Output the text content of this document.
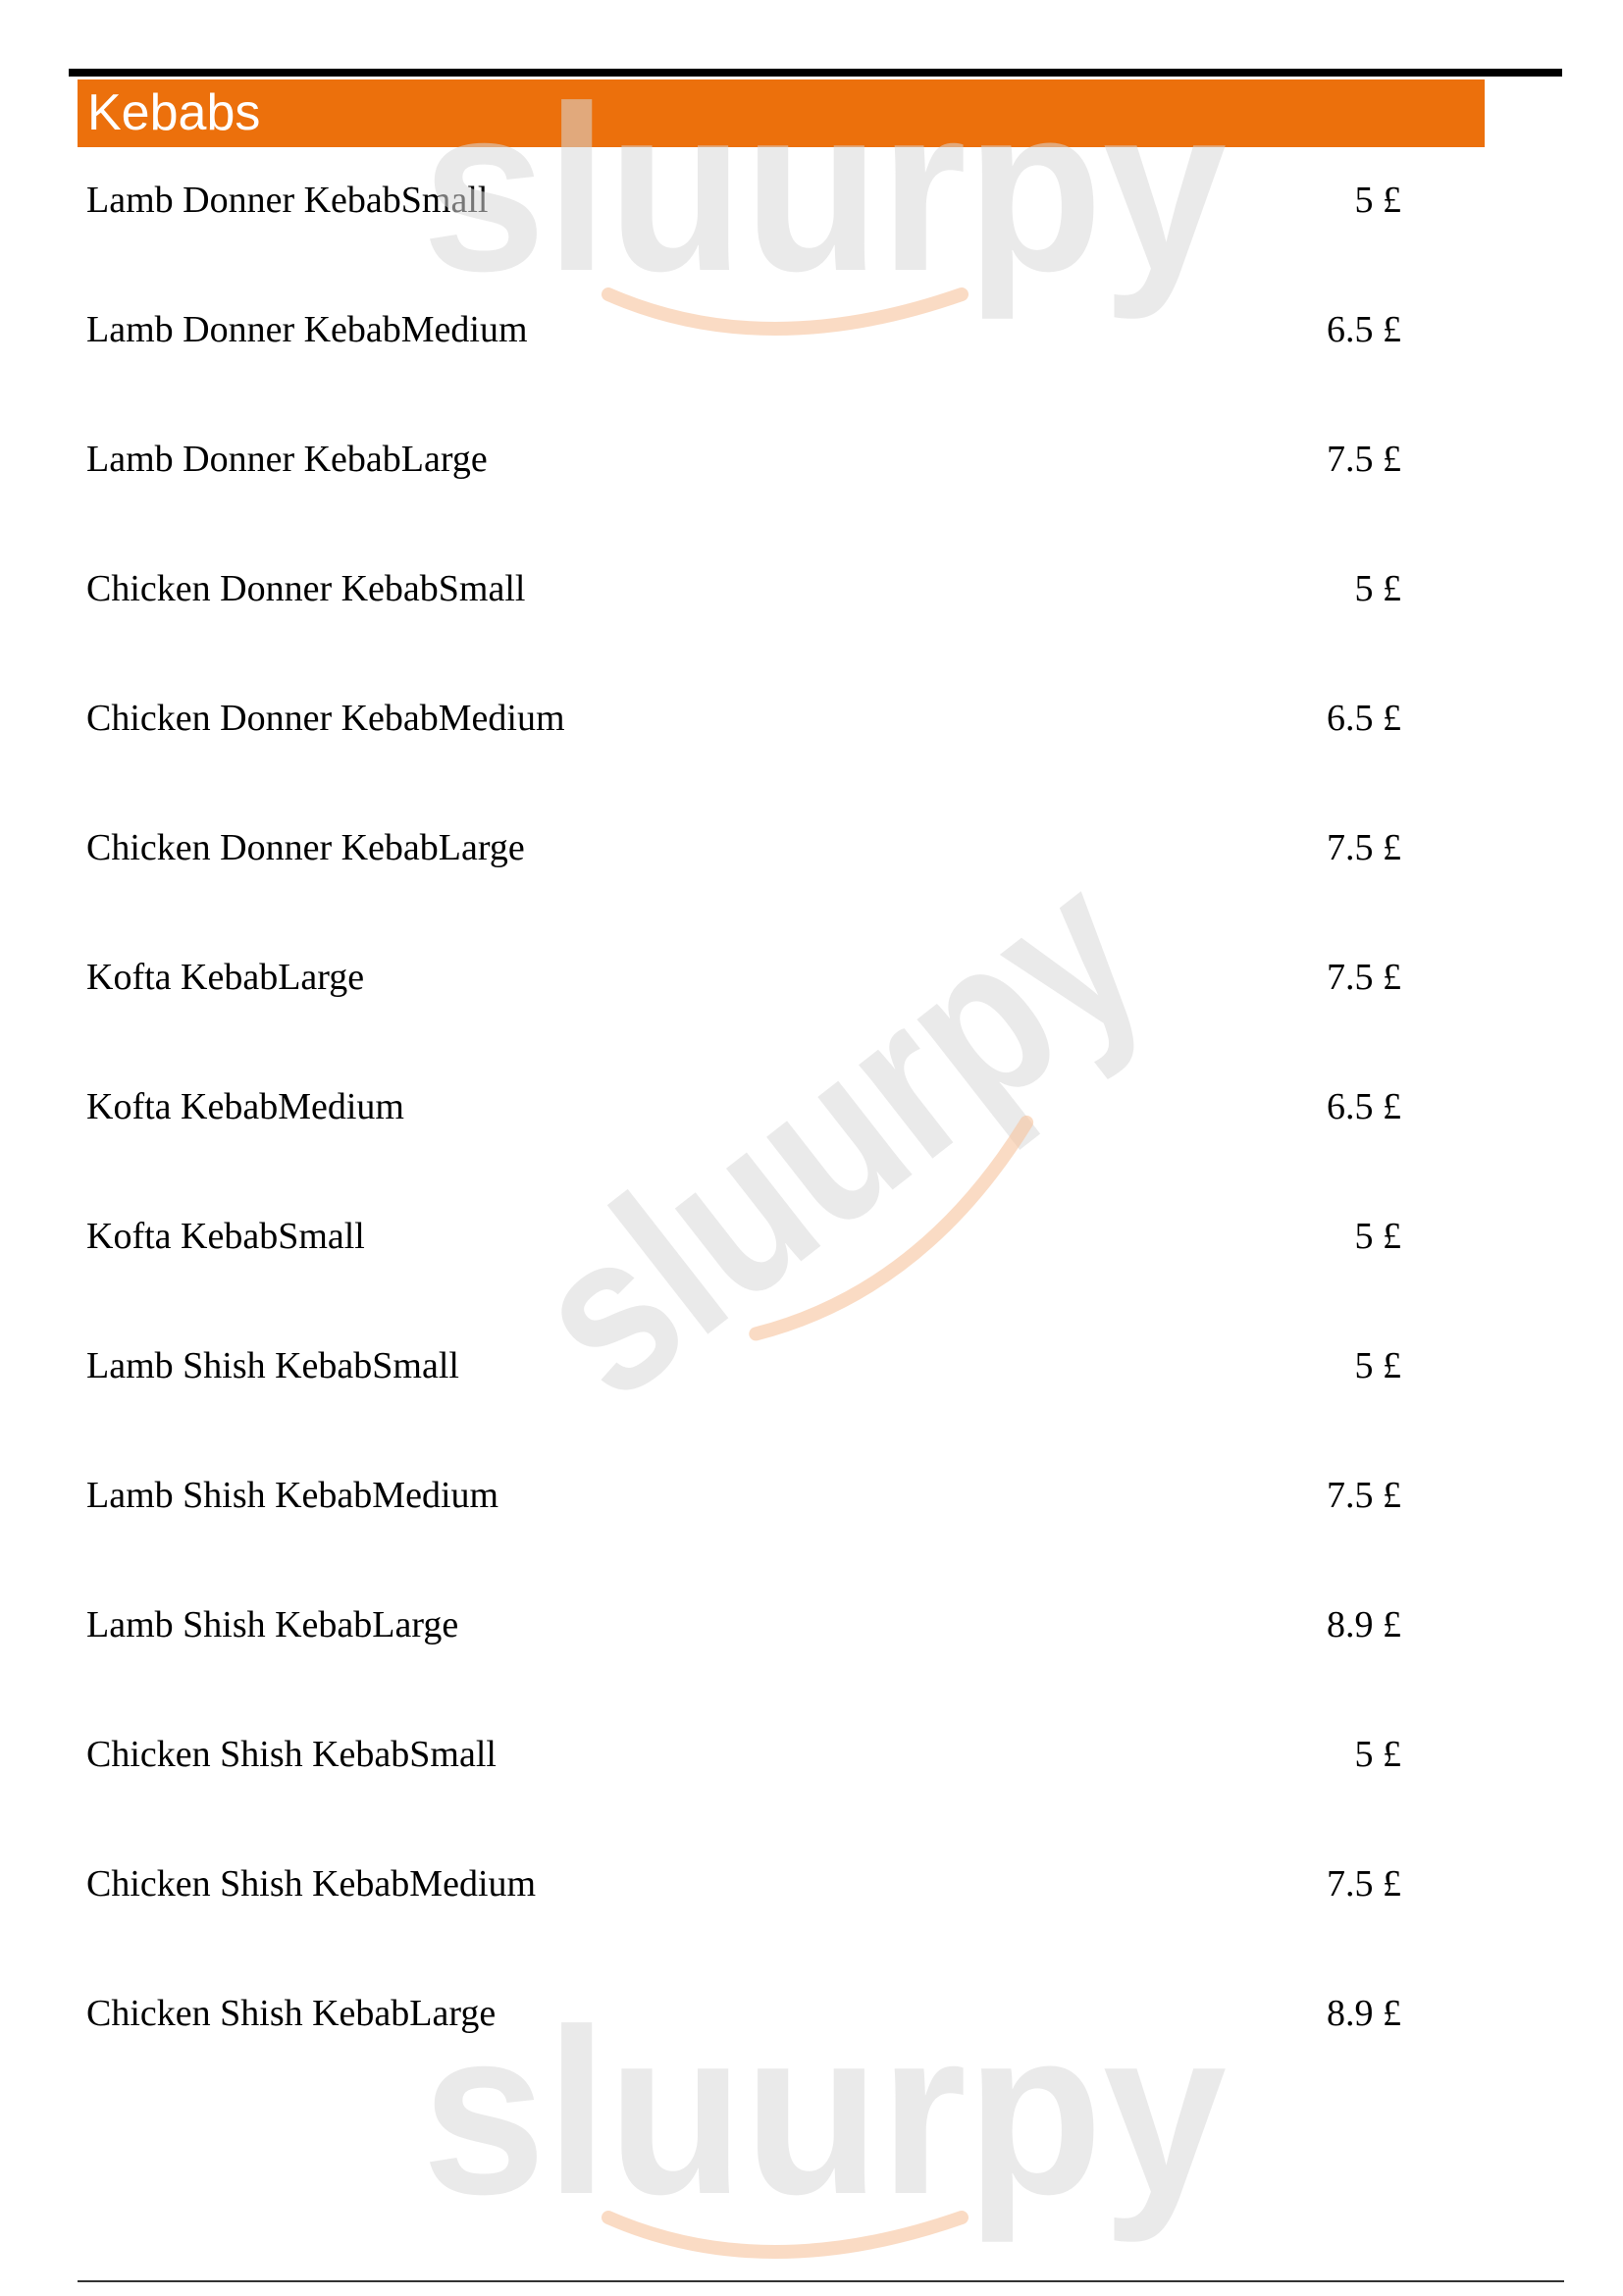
Kebabs
Lamb Donner KebabSmall	5 £
Lamb Donner KebabMedium	6.5 £
Lamb Donner KebabLarge	7.5 £
Chicken Donner KebabSmall	5 £
Chicken Donner KebabMedium	6.5 £
Chicken Donner KebabLarge	7.5 £
Kofta KebabLarge	7.5 £
Kofta KebabMedium	6.5 £
Kofta KebabSmall	5 £
Lamb Shish KebabSmall	5 £
Lamb Shish KebabMedium	7.5 £
Lamb Shish KebabLarge	8.9 £
Chicken Shish KebabSmall	5 £
Chicken Shish KebabMedium	7.5 £
Chicken Shish KebabLarge	8.9 £
sluurpy
sluurpy
sluurpy
